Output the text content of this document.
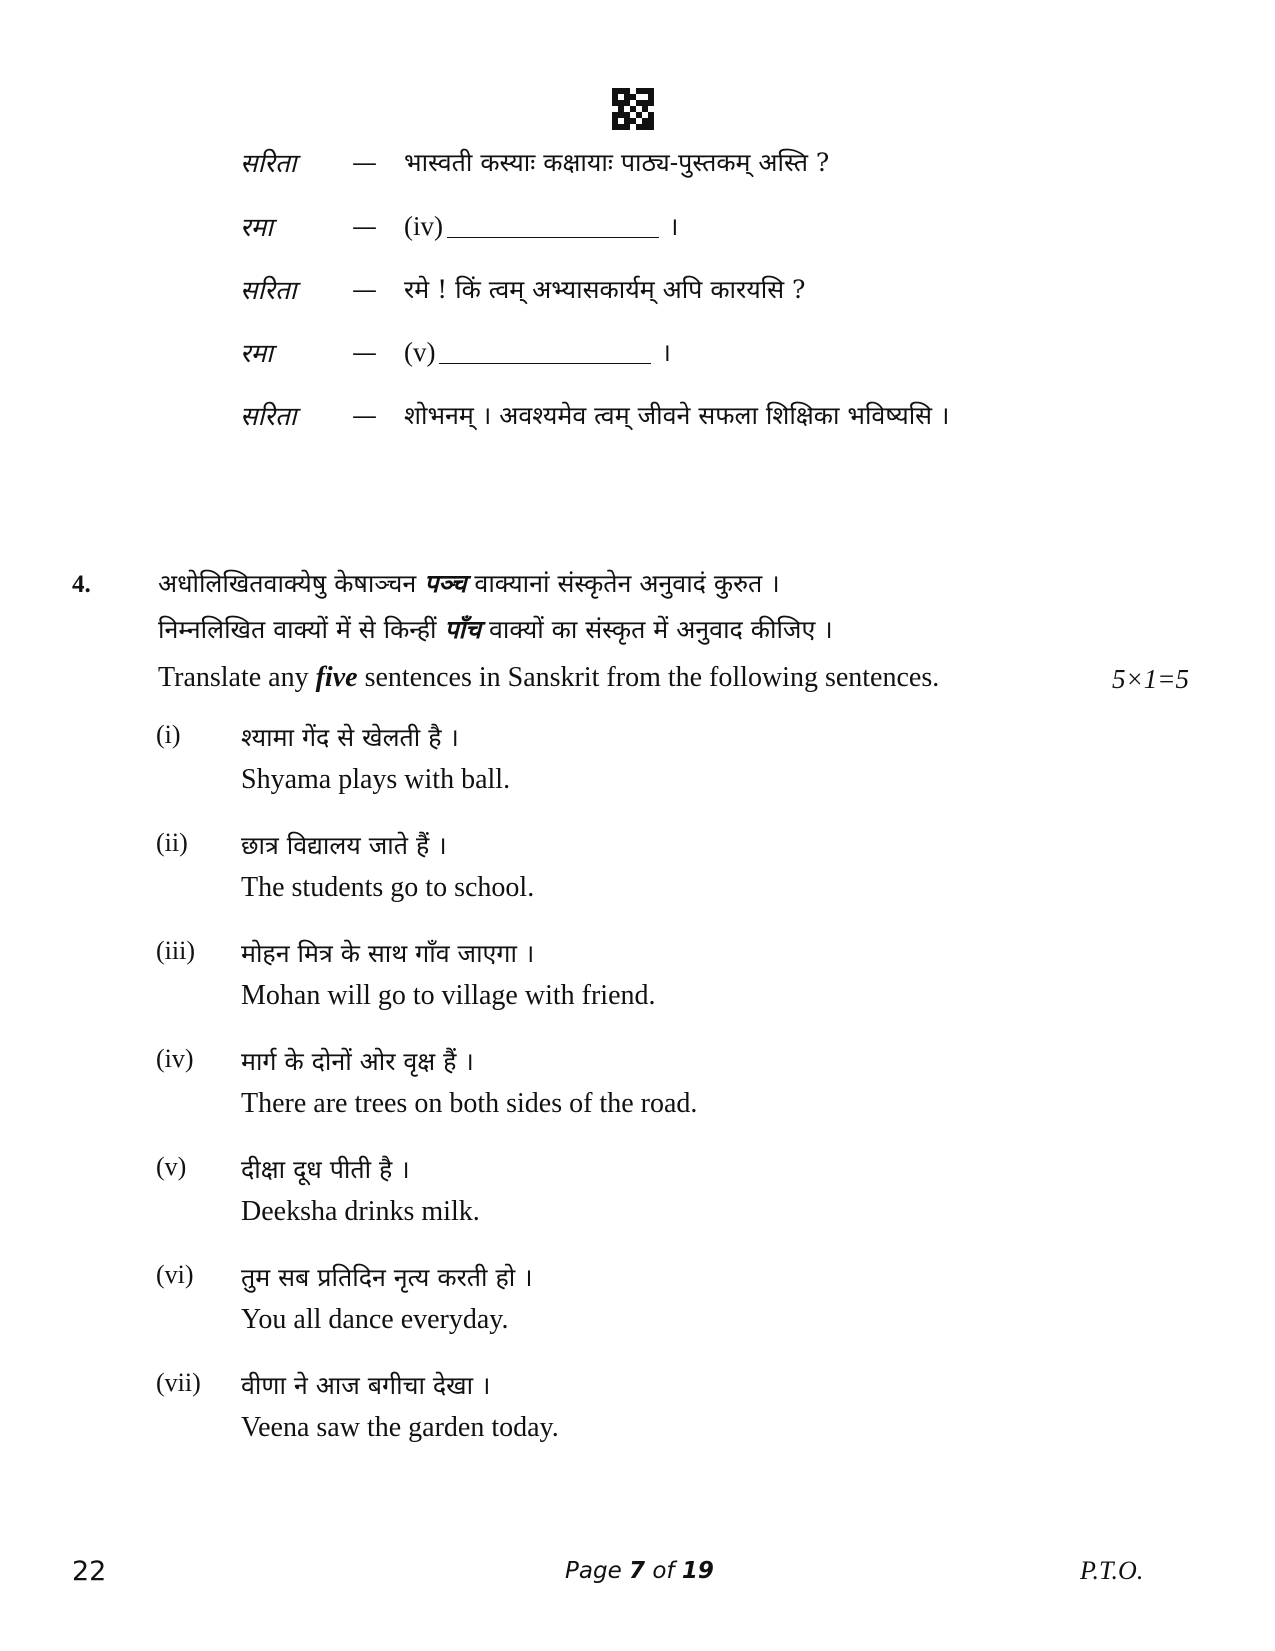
सरिता	—	भास्वती कस्याः कक्षायाः पाठ्य-पुस्तकम् अस्ति ?
रमा	—	(iv)	।
सरिता	—	रमे ! किं त्वम् अभ्यासकार्यम् अपि कारयसि ?
रमा	—	(v)	।
सरिता	—	शोभनम् । अवश्यमेव त्वम् जीवने सफला शिक्षिका भविष्यसि ।
4.	अधोलिखितवाक्येषु केषाञ्चन पञ्च वाक्यानां संस्कृतेन अनुवादं कुरुत ।
निम्नलिखित वाक्यों में से किन्हीं पाँच वाक्यों का संस्कृत में अनुवाद कीजिए ।
Translate any five sentences in Sanskrit from the following sentences.	5×1=5
(i) श्यामा गेंद से खेलती है ।
Shyama plays with ball.
(ii) छात्र विद्यालय जाते हैं ।
The students go to school.
(iii) मोहन मित्र के साथ गाँव जाएगा ।
Mohan will go to village with friend.
(iv) मार्ग के दोनों ओर वृक्ष हैं ।
There are trees on both sides of the road.
(v) दीक्षा दूध पीती है ।
Deeksha drinks milk.
(vi) तुम सब प्रतिदिन नृत्य करती हो ।
You all dance everyday.
(vii) वीणा ने आज बगीचा देखा ।
Veena saw the garden today.
22	Page 7 of 19	P.T.O.
